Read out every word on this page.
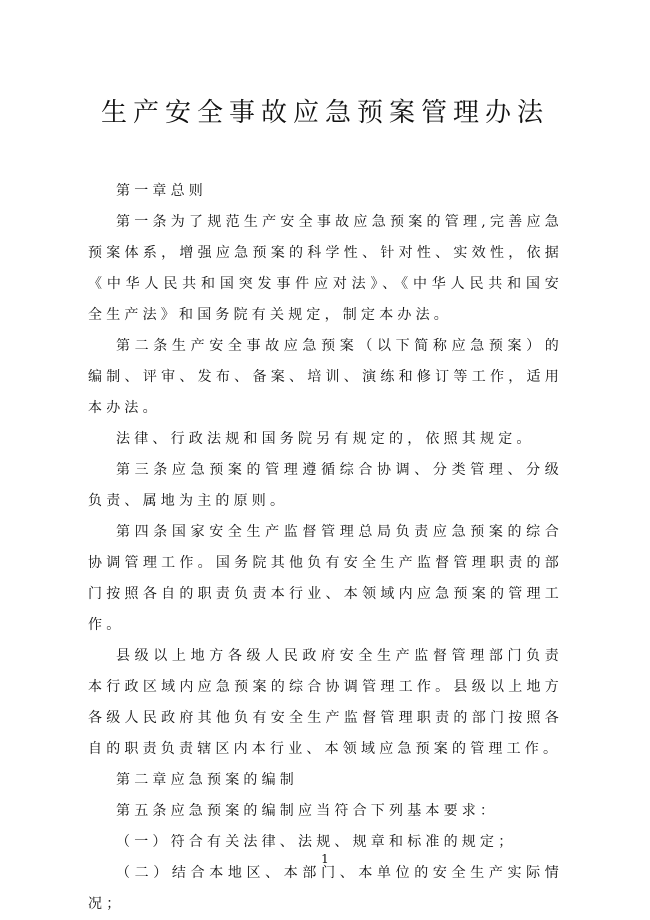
生产安全事故应急预案管理办法

第一章总则

第一条为了规范生产安全事故应急预案的管理,完善应急预案体系，增强应急预案的科学性、针对性、实效性，依据《中华人民共和国突发事件应对法》、《中华人民共和国安全生产法》和国务院有关规定，制定本办法。

第二条生产安全事故应急预案（以下简称应急预案）的编制、评审、发布、备案、培训、演练和修订等工作，适用本办法。

法律、行政法规和国务院另有规定的，依照其规定。

第三条应急预案的管理遵循综合协调、分类管理、分级负责、属地为主的原则。

第四条国家安全生产监督管理总局负责应急预案的综合协调管理工作。国务院其他负有安全生产监督管理职责的部门按照各自的职责负责本行业、本领域内应急预案的管理工作。

县级以上地方各级人民政府安全生产监督管理部门负责本行政区域内应急预案的综合协调管理工作。县级以上地方各级人民政府其他负有安全生产监督管理职责的部门按照各自的职责负责辖区内本行业、本领域应急预案的管理工作。

第二章应急预案的编制

第五条应急预案的编制应当符合下列基本要求：

（一）符合有关法律、法规、规章和标准的规定；

（二）结合本地区、本部门、本单位的安全生产实际情况；

1
